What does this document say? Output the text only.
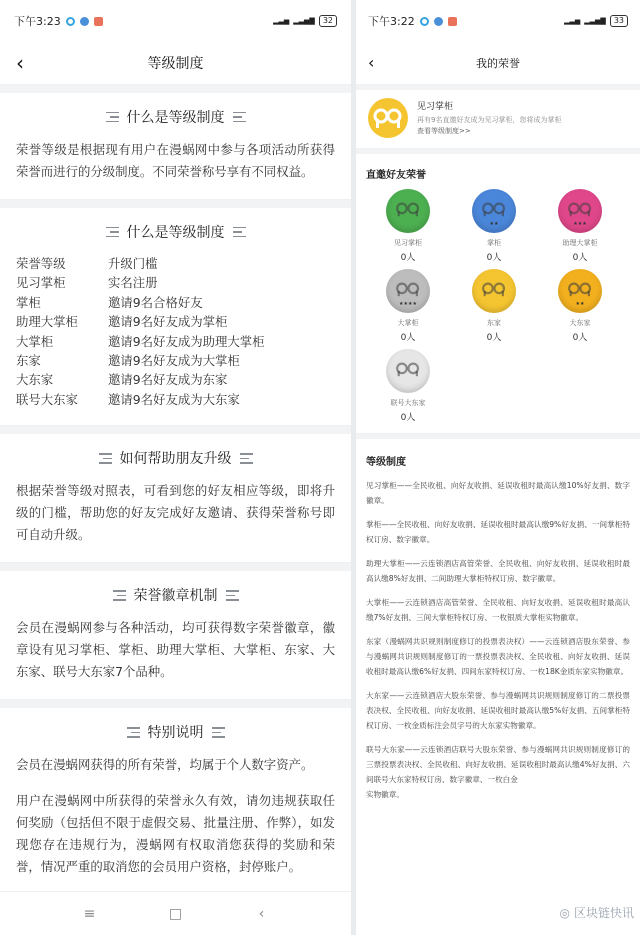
下午3:23	▂▃▅ ▂▃▅▇	32
‹	等级制度
什么是等级制度

荣誉等级是根据现有用户在漫蜗网中参与各项活动所获得荣誉而进行的分级制度。不同荣誉称号享有不同权益。

什么是等级制度
荣誉等级	升级门槛
见习掌柜	实名注册
掌柜	邀请9名合格好友
助理大掌柜	邀请9名好友成为掌柜
大掌柜	邀请9名好友成为助理大掌柜
东家	邀请9名好友成为大掌柜
大东家	邀请9名好友成为东家
联号大东家	邀请9名好友成为大东家
如何帮助朋友升级

根据荣誉等级对照表，可看到您的好友相应等级，即将升级的门槛，帮助您的好友完成好友邀请、获得荣誉称号即可自动升级。

荣誉徽章机制

会员在漫蜗网参与各种活动，均可获得数字荣誉徽章，徽章设有见习掌柜、掌柜、助理大掌柜、大掌柜、东家、大东家、联号大东家7个品种。

特别说明

会员在漫蜗网获得的所有荣誉，均属于个人数字资产。

用户在漫蜗网中所获得的荣誉永久有效，请勿违规获取任何奖励（包括但不限于虚假交易、批量注册、作弊），如发现您存在违规行为，漫蜗网有权取消您获得的奖励和荣誉，情况严重的取消您的会员用户资格，封停账户。

≡	□	‹
下午3:22	▂▃▅ ▂▃▅▇	33
‹	我的荣誉
见习掌柜
再有9名直邀好友成为见习掌柜，您将成为掌柜
查看等级制度>>
直邀好友荣誉
见习掌柜
0人
★★
掌柜
0人
★★★
助理大掌柜
0人
★★★★
大掌柜
0人
东家
0人
★★
大东家
0人
联号大东家
0人
等级制度

见习掌柜——全民收租、向好友收捐、延误收租时最高认缴10%好友捐、数字徽章。

掌柜——全民收租、向好友收捐、延误收租时最高认缴9%好友捐、一间掌柜特权订房、数字徽章。

助理大掌柜——云连锁酒店高管荣誉、全民收租、向好友收捐、延误收租时最高认缴8%好友捐、二间助理大掌柜特权订房、数字徽章。

大掌柜——云连锁酒店高管荣誉、全民收租、向好友收捐、延误收租时最高认缴7%好友捐、三间大掌柜特权订房、一枚银质大掌柜实物徽章。

东家（漫蜗网共识规则制度修订的投票表决权）——云连锁酒店股东荣誉、参与漫蜗网共识规则制度修订的一票投票表决权、全民收租、向好友收捐、延误收租时最高认缴6%好友捐、四间东家特权订房、一枚18K金质东家实物徽章。

大东家——云连锁酒店大股东荣誉、参与漫蜗网共识规则制度修订的二票投票表决权、全民收租、向好友收捐、延误收租时最高认缴5%好友捐、五间掌柜特权订房、一枚金质标注会员字号的大东家实物徽章。

联号大东家——云连锁酒店联号大股东荣誉、参与漫蜗网共识规则制度修订的三票投票表决权、全民收租、向好友收捐、延误收租时最高认缴4%好友捐、六间联号大东家特权订房、数字徽章、一枚白金
实物徽章。

◎ 区块链快讯
